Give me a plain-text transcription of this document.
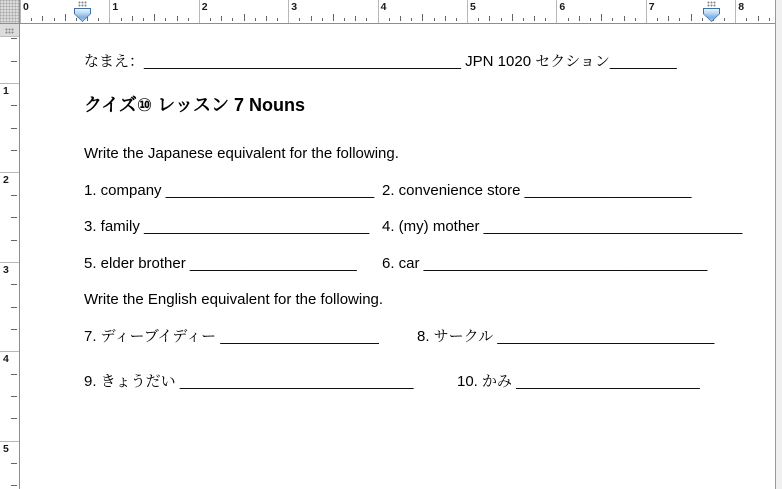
0	1	2	3	4	5	6	7	8
1
2
3
4
5
なまえ：______________________________________ JPN 1020 セクション________
クイズ⑩ レッスン 7 Nouns
Write the Japanese equivalent for the following.
1. company _________________________ 2. convenience store ____________________
3. family ___________________________ 4. (my) mother _______________________________
5. elder brother ____________________ 6. car __________________________________
Write the English equivalent for the following.
7. ディーブイディー ___________________	8. サークル __________________________
9. きょうだい ____________________________	10. かみ ______________________
